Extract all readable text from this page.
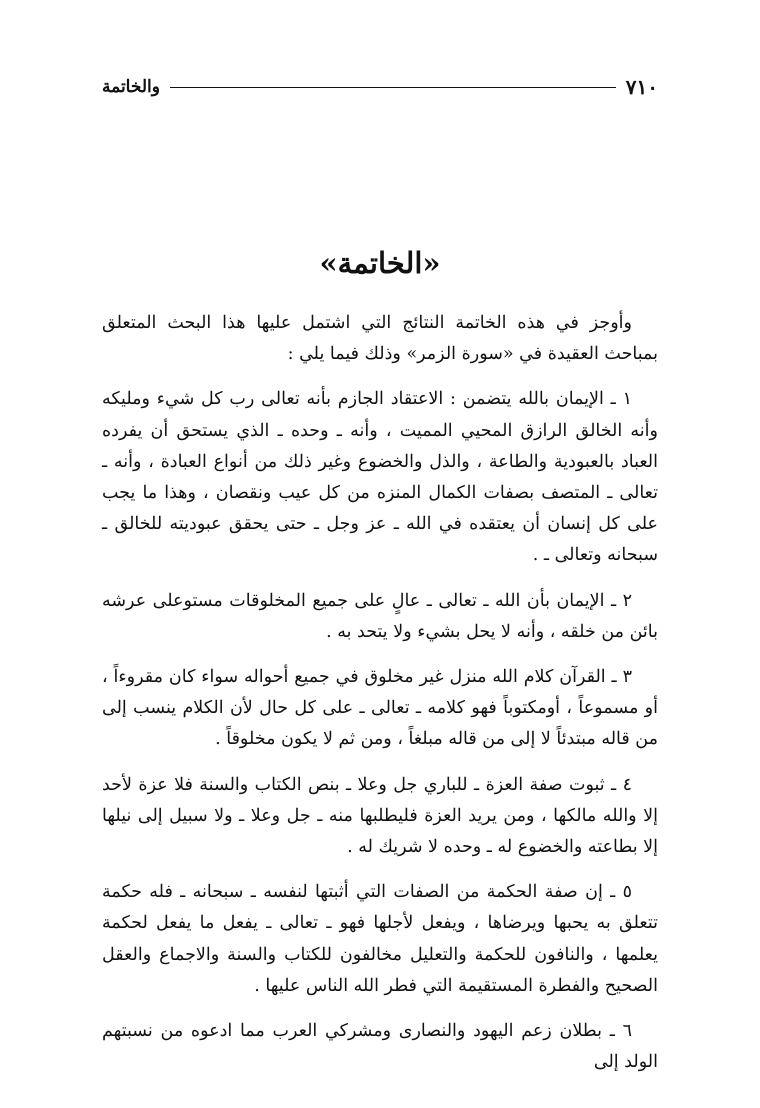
٧١٠
والخاتمة
«الخاتمة»

وأوجز في هذه الخاتمة النتائج التي اشتمل عليها هذا البحث المتعلق بمباحث العقيدة في «سورة الزمر» وذلك فيما يلي :

١ ـ الإيمان بالله يتضمن : الاعتقاد الجازم بأنه تعالى رب كل شيء ومليكه وأنه الخالق الرازق المحيي المميت ، وأنه ـ وحده ـ الذي يستحق أن يفرده العباد بالعبودية والطاعة ، والذل والخضوع وغير ذلك من أنواع العبادة ، وأنه ـ تعالى ـ المتصف بصفات الكمال المنزه من كل عيب ونقصان ، وهذا ما يجب على كل إنسان أن يعتقده في الله ـ عز وجل ـ حتى يحقق عبوديته للخالق ـ سبحانه وتعالى ـ .

٢ ـ الإيمان بأن الله ـ تعالى ـ عالٍ على جميع المخلوقات مستوعلى عرشه بائن من خلقه ، وأنه لا يحل بشيء ولا يتحد به .

٣ ـ القرآن كلام الله منزل غير مخلوق في جميع أحواله سواء كان مقروءاً ، أو مسموعاً ، أومكتوباً فهو كلامه ـ تعالى ـ على كل حال لأن الكلام ينسب إلى من قاله مبتدئاً لا إلى من قاله مبلغاً ، ومن ثم لا يكون مخلوقاً .

٤ ـ ثبوت صفة العزة ـ للباري جل وعلا ـ بنص الكتاب والسنة فلا عزة لأحد إلا والله مالكها ، ومن يريد العزة فليطلبها منه ـ جل وعلا ـ ولا سبيل إلى نيلها إلا بطاعته والخضوع له ـ وحده لا شريك له .

٥ ـ إن صفة الحكمة من الصفات التي أثبتها لنفسه ـ سبحانه ـ فله حكمة تتعلق به يحبها ويرضاها ، ويفعل لأجلها فهو ـ تعالى ـ يفعل ما يفعل لحكمة يعلمها ، والنافون للحكمة والتعليل مخالفون للكتاب والسنة والاجماع والعقل الصحيح والفطرة المستقيمة التي فطر الله الناس عليها .

٦ ـ بطلان زعم اليهود والنصارى ومشركي العرب مما ادعوه من نسبتهم الولد إلى
